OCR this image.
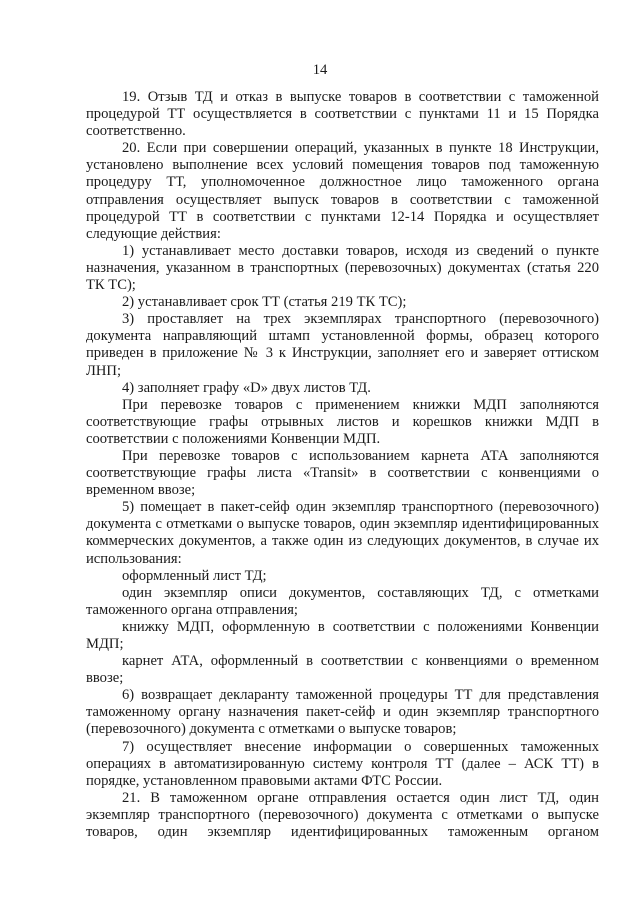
14

19. Отзыв ТД и отказ в выпуске товаров в соответствии с таможенной процедурой ТТ осуществляется в соответствии с пунктами 11 и 15 Порядка соответственно.

20. Если при совершении операций, указанных в пункте 18 Инструкции, установлено выполнение всех условий помещения товаров под таможенную процедуру ТТ, уполномоченное должностное лицо таможенного органа отправления осуществляет выпуск товаров в соответствии с таможенной процедурой ТТ в соответствии с пунктами 12-14 Порядка и осуществляет следующие действия:

1) устанавливает место доставки товаров, исходя из сведений о пункте назначения, указанном в транспортных (перевозочных) документах (статья 220 ТК ТС);

2) устанавливает срок ТТ (статья 219 ТК ТС);

3) проставляет на трех экземплярах транспортного (перевозочного) документа направляющий штамп установленной формы, образец которого приведен в приложение № 3 к Инструкции, заполняет его и заверяет оттиском ЛНП;

4) заполняет графу «D» двух листов ТД.

При перевозке товаров с применением книжки МДП заполняются соответствующие графы отрывных листов и корешков книжки МДП в соответствии с положениями Конвенции МДП.

При перевозке товаров с использованием карнета АТА заполняются соответствующие графы листа «Transit» в соответствии с конвенциями о временном ввозе;

5) помещает в пакет-сейф один экземпляр транспортного (перевозочного) документа с отметками о выпуске товаров, один экземпляр идентифицированных коммерческих документов, а также один из следующих документов, в случае их использования:

оформленный лист ТД;

один экземпляр описи документов, составляющих ТД, с отметками таможенного органа отправления;

книжку МДП, оформленную в соответствии с положениями Конвенции МДП;

карнет АТА, оформленный в соответствии с конвенциями о временном ввозе;

6) возвращает декларанту таможенной процедуры ТТ для представления таможенному органу назначения пакет-сейф и один экземпляр транспортного (перевозочного) документа с отметками о выпуске товаров;

7) осуществляет внесение информации о совершенных таможенных операциях в автоматизированную систему контроля ТТ (далее – АСК ТТ) в порядке, установленном правовыми актами ФТС России.

21. В таможенном органе отправления остается один лист ТД, один экземпляр транспортного (перевозочного) документа с отметками о выпуске товаров, один экземпляр идентифицированных таможенным органом
